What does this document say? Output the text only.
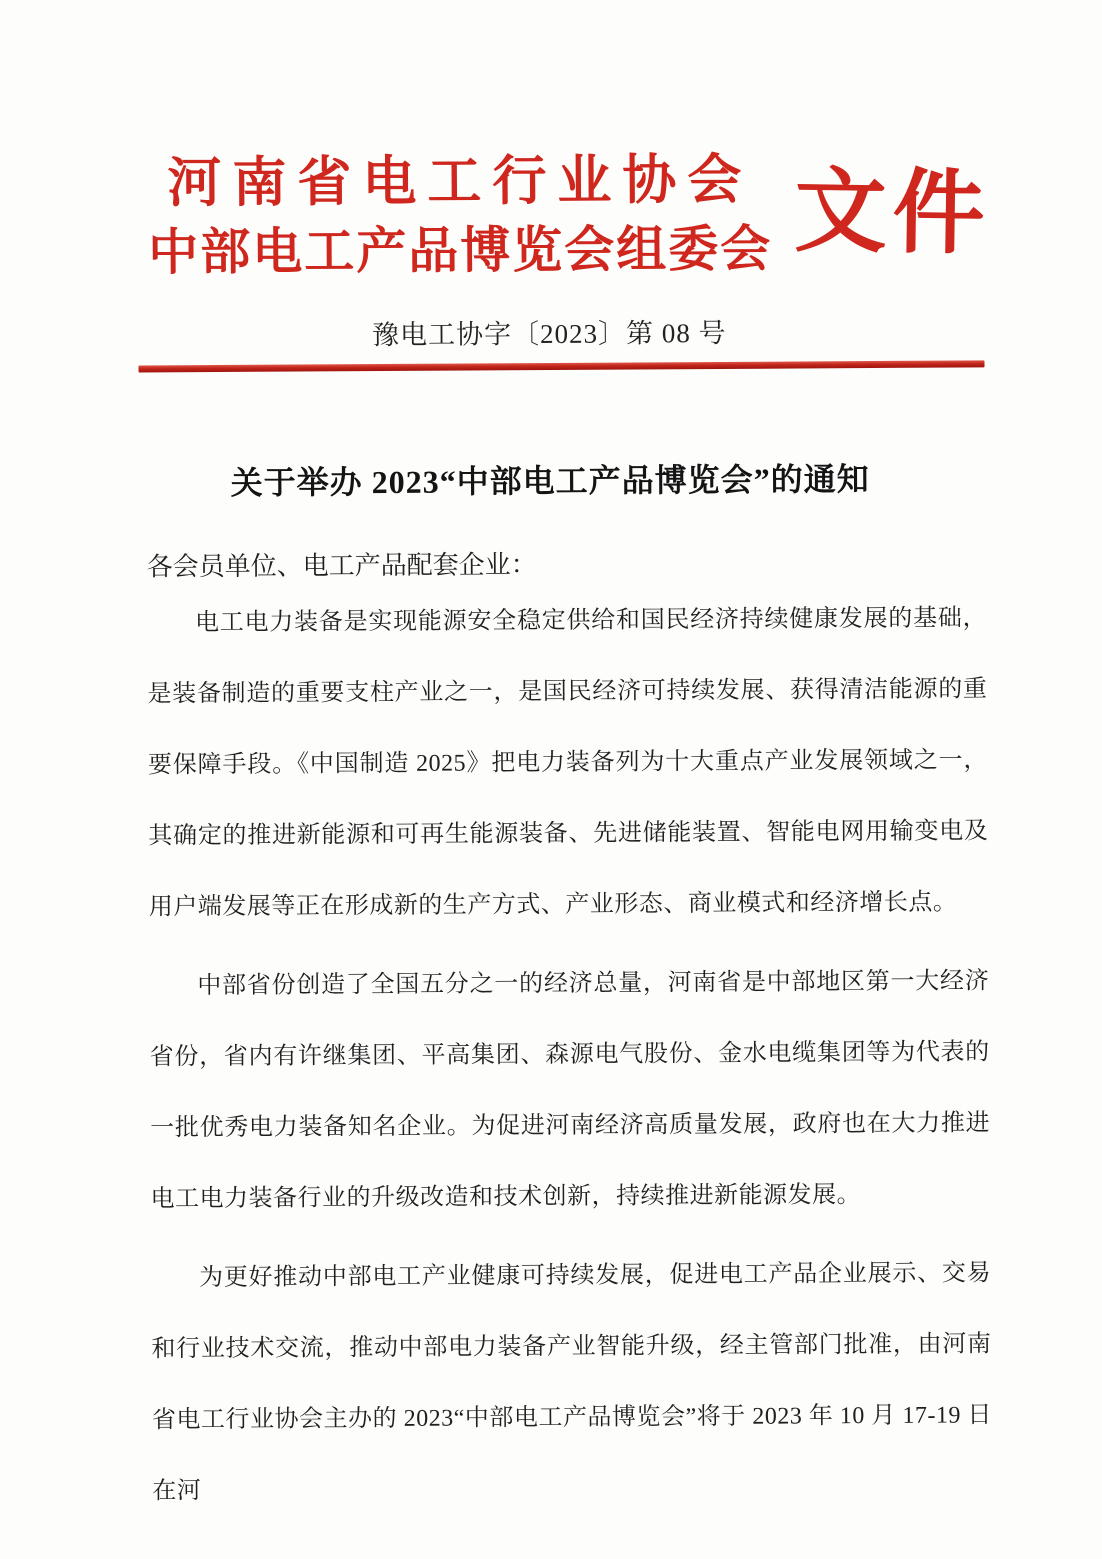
河南省电工行业协会
中部电工产品博览会组委会 文件
豫电工协字〔2023〕第 08 号
关于举办 2023“中部电工产品博览会”的通知
各会员单位、电工产品配套企业：

电工电力装备是实现能源安全稳定供给和国民经济持续健康发展的基础，是装备制造的重要支柱产业之一，是国民经济可持续发展、获得清洁能源的重要保障手段。《中国制造 2025》把电力装备列为十大重点产业发展领域之一，其确定的推进新能源和可再生能源装备、先进储能装置、智能电网用输变电及用户端发展等正在形成新的生产方式、产业形态、商业模式和经济增长点。

中部省份创造了全国五分之一的经济总量，河南省是中部地区第一大经济省份，省内有许继集团、平高集团、森源电气股份、金水电缆集团等为代表的一批优秀电力装备知名企业。为促进河南经济高质量发展，政府也在大力推进电工电力装备行业的升级改造和技术创新，持续推进新能源发展。

为更好推动中部电工产业健康可持续发展，促进电工产品企业展示、交易和行业技术交流，推动中部电力装备产业智能升级，经主管部门批准，由河南省电工行业协会主办的 2023“中部电工产品博览会”将于 2023 年 10 月 17-19 日在河
